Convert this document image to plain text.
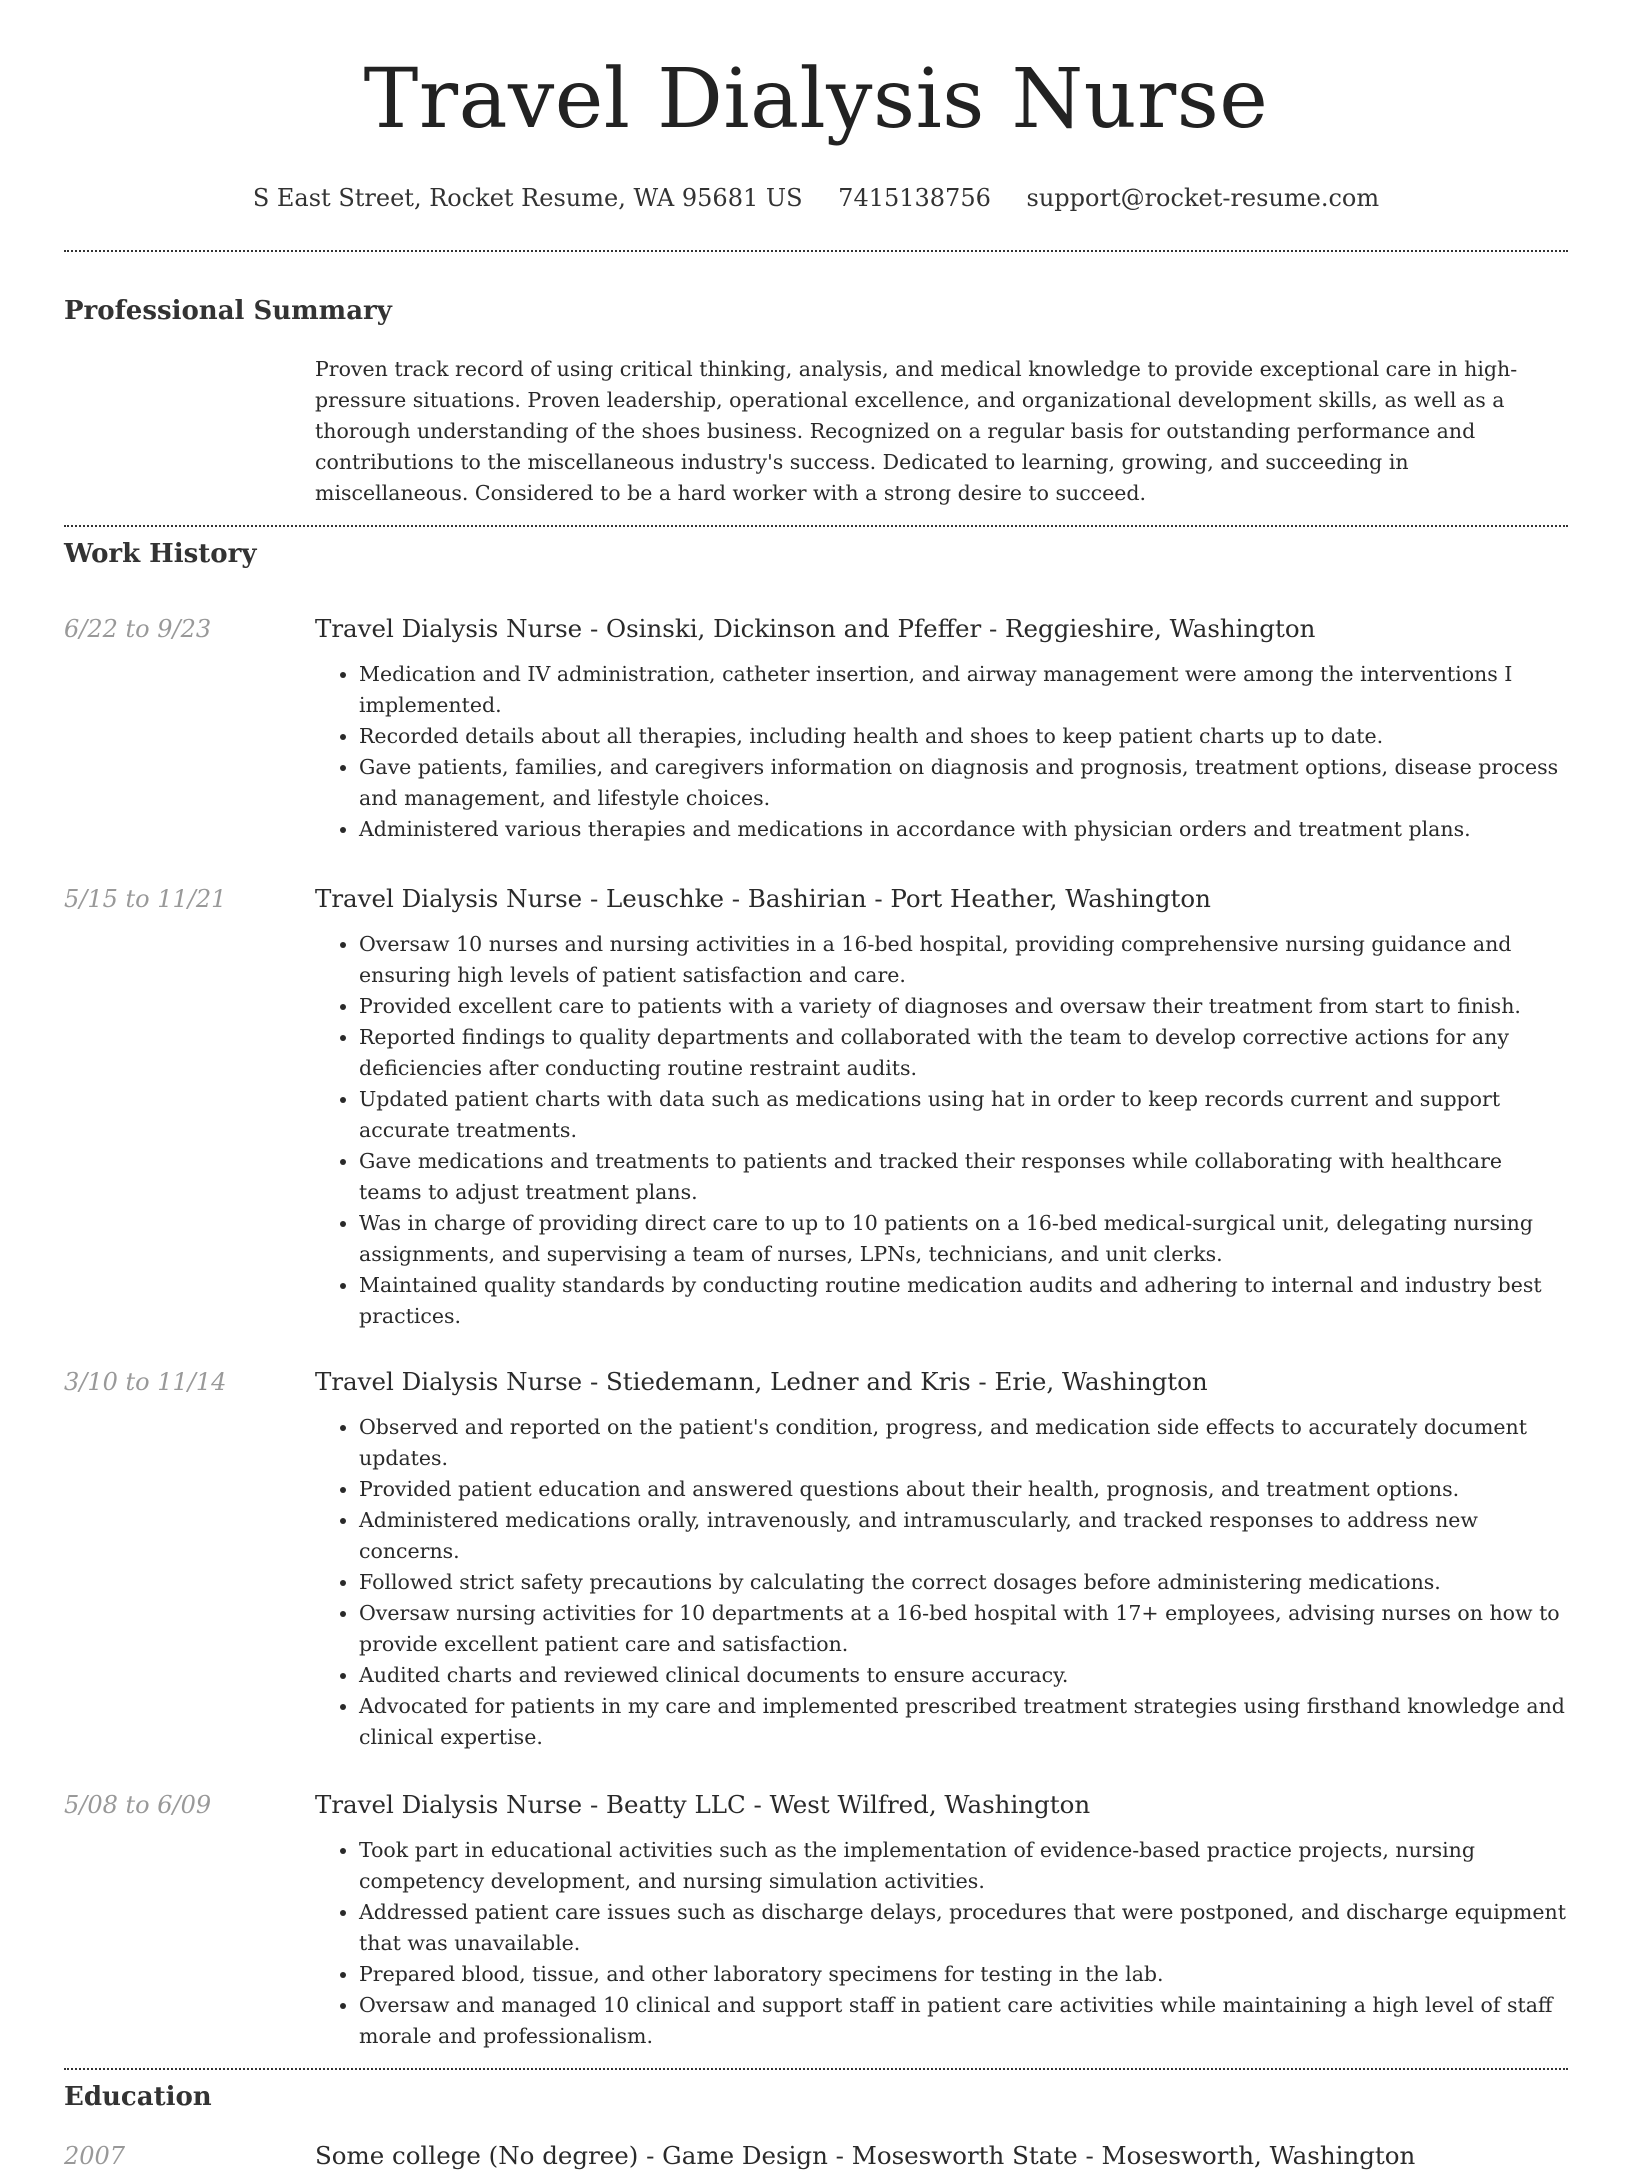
Travel Dialysis Nurse
S East Street, Rocket Resume, WA 95681 US 7415138756 support@rocket-resume.com
Professional Summary
Proven track record of using critical thinking, analysis, and medical knowledge to provide exceptional care in high-pressure situations. Proven leadership, operational excellence, and organizational development skills, as well as a thorough understanding of the shoes business. Recognized on a regular basis for outstanding performance and contributions to the miscellaneous industry's success. Dedicated to learning, growing, and succeeding in miscellaneous. Considered to be a hard worker with a strong desire to succeed.
Work History
6/22 to 9/23	Travel Dialysis Nurse - Osinski, Dickinson and Pfeffer - Reggieshire, Washington
• Medication and IV administration, catheter insertion, and airway management were among the interventions I implemented.
• Recorded details about all therapies, including health and shoes to keep patient charts up to date.
• Gave patients, families, and caregivers information on diagnosis and prognosis, treatment options, disease process and management, and lifestyle choices.
• Administered various therapies and medications in accordance with physician orders and treatment plans.
5/15 to 11/21	Travel Dialysis Nurse - Leuschke - Bashirian - Port Heather, Washington
• Oversaw 10 nurses and nursing activities in a 16-bed hospital, providing comprehensive nursing guidance and ensuring high levels of patient satisfaction and care.
• Provided excellent care to patients with a variety of diagnoses and oversaw their treatment from start to finish.
• Reported findings to quality departments and collaborated with the team to develop corrective actions for any deficiencies after conducting routine restraint audits.
• Updated patient charts with data such as medications using hat in order to keep records current and support accurate treatments.
• Gave medications and treatments to patients and tracked their responses while collaborating with healthcare teams to adjust treatment plans.
• Was in charge of providing direct care to up to 10 patients on a 16-bed medical-surgical unit, delegating nursing assignments, and supervising a team of nurses, LPNs, technicians, and unit clerks.
• Maintained quality standards by conducting routine medication audits and adhering to internal and industry best practices.
3/10 to 11/14	Travel Dialysis Nurse - Stiedemann, Ledner and Kris - Erie, Washington
• Observed and reported on the patient's condition, progress, and medication side effects to accurately document updates.
• Provided patient education and answered questions about their health, prognosis, and treatment options.
• Administered medications orally, intravenously, and intramuscularly, and tracked responses to address new concerns.
• Followed strict safety precautions by calculating the correct dosages before administering medications.
• Oversaw nursing activities for 10 departments at a 16-bed hospital with 17+ employees, advising nurses on how to provide excellent patient care and satisfaction.
• Audited charts and reviewed clinical documents to ensure accuracy.
• Advocated for patients in my care and implemented prescribed treatment strategies using firsthand knowledge and clinical expertise.
5/08 to 6/09	Travel Dialysis Nurse - Beatty LLC - West Wilfred, Washington
• Took part in educational activities such as the implementation of evidence-based practice projects, nursing competency development, and nursing simulation activities.
• Addressed patient care issues such as discharge delays, procedures that were postponed, and discharge equipment that was unavailable.
• Prepared blood, tissue, and other laboratory specimens for testing in the lab.
• Oversaw and managed 10 clinical and support staff in patient care activities while maintaining a high level of staff morale and professionalism.
Education
2007	Some college (No degree) - Game Design - Mosesworth State - Mosesworth, Washington
